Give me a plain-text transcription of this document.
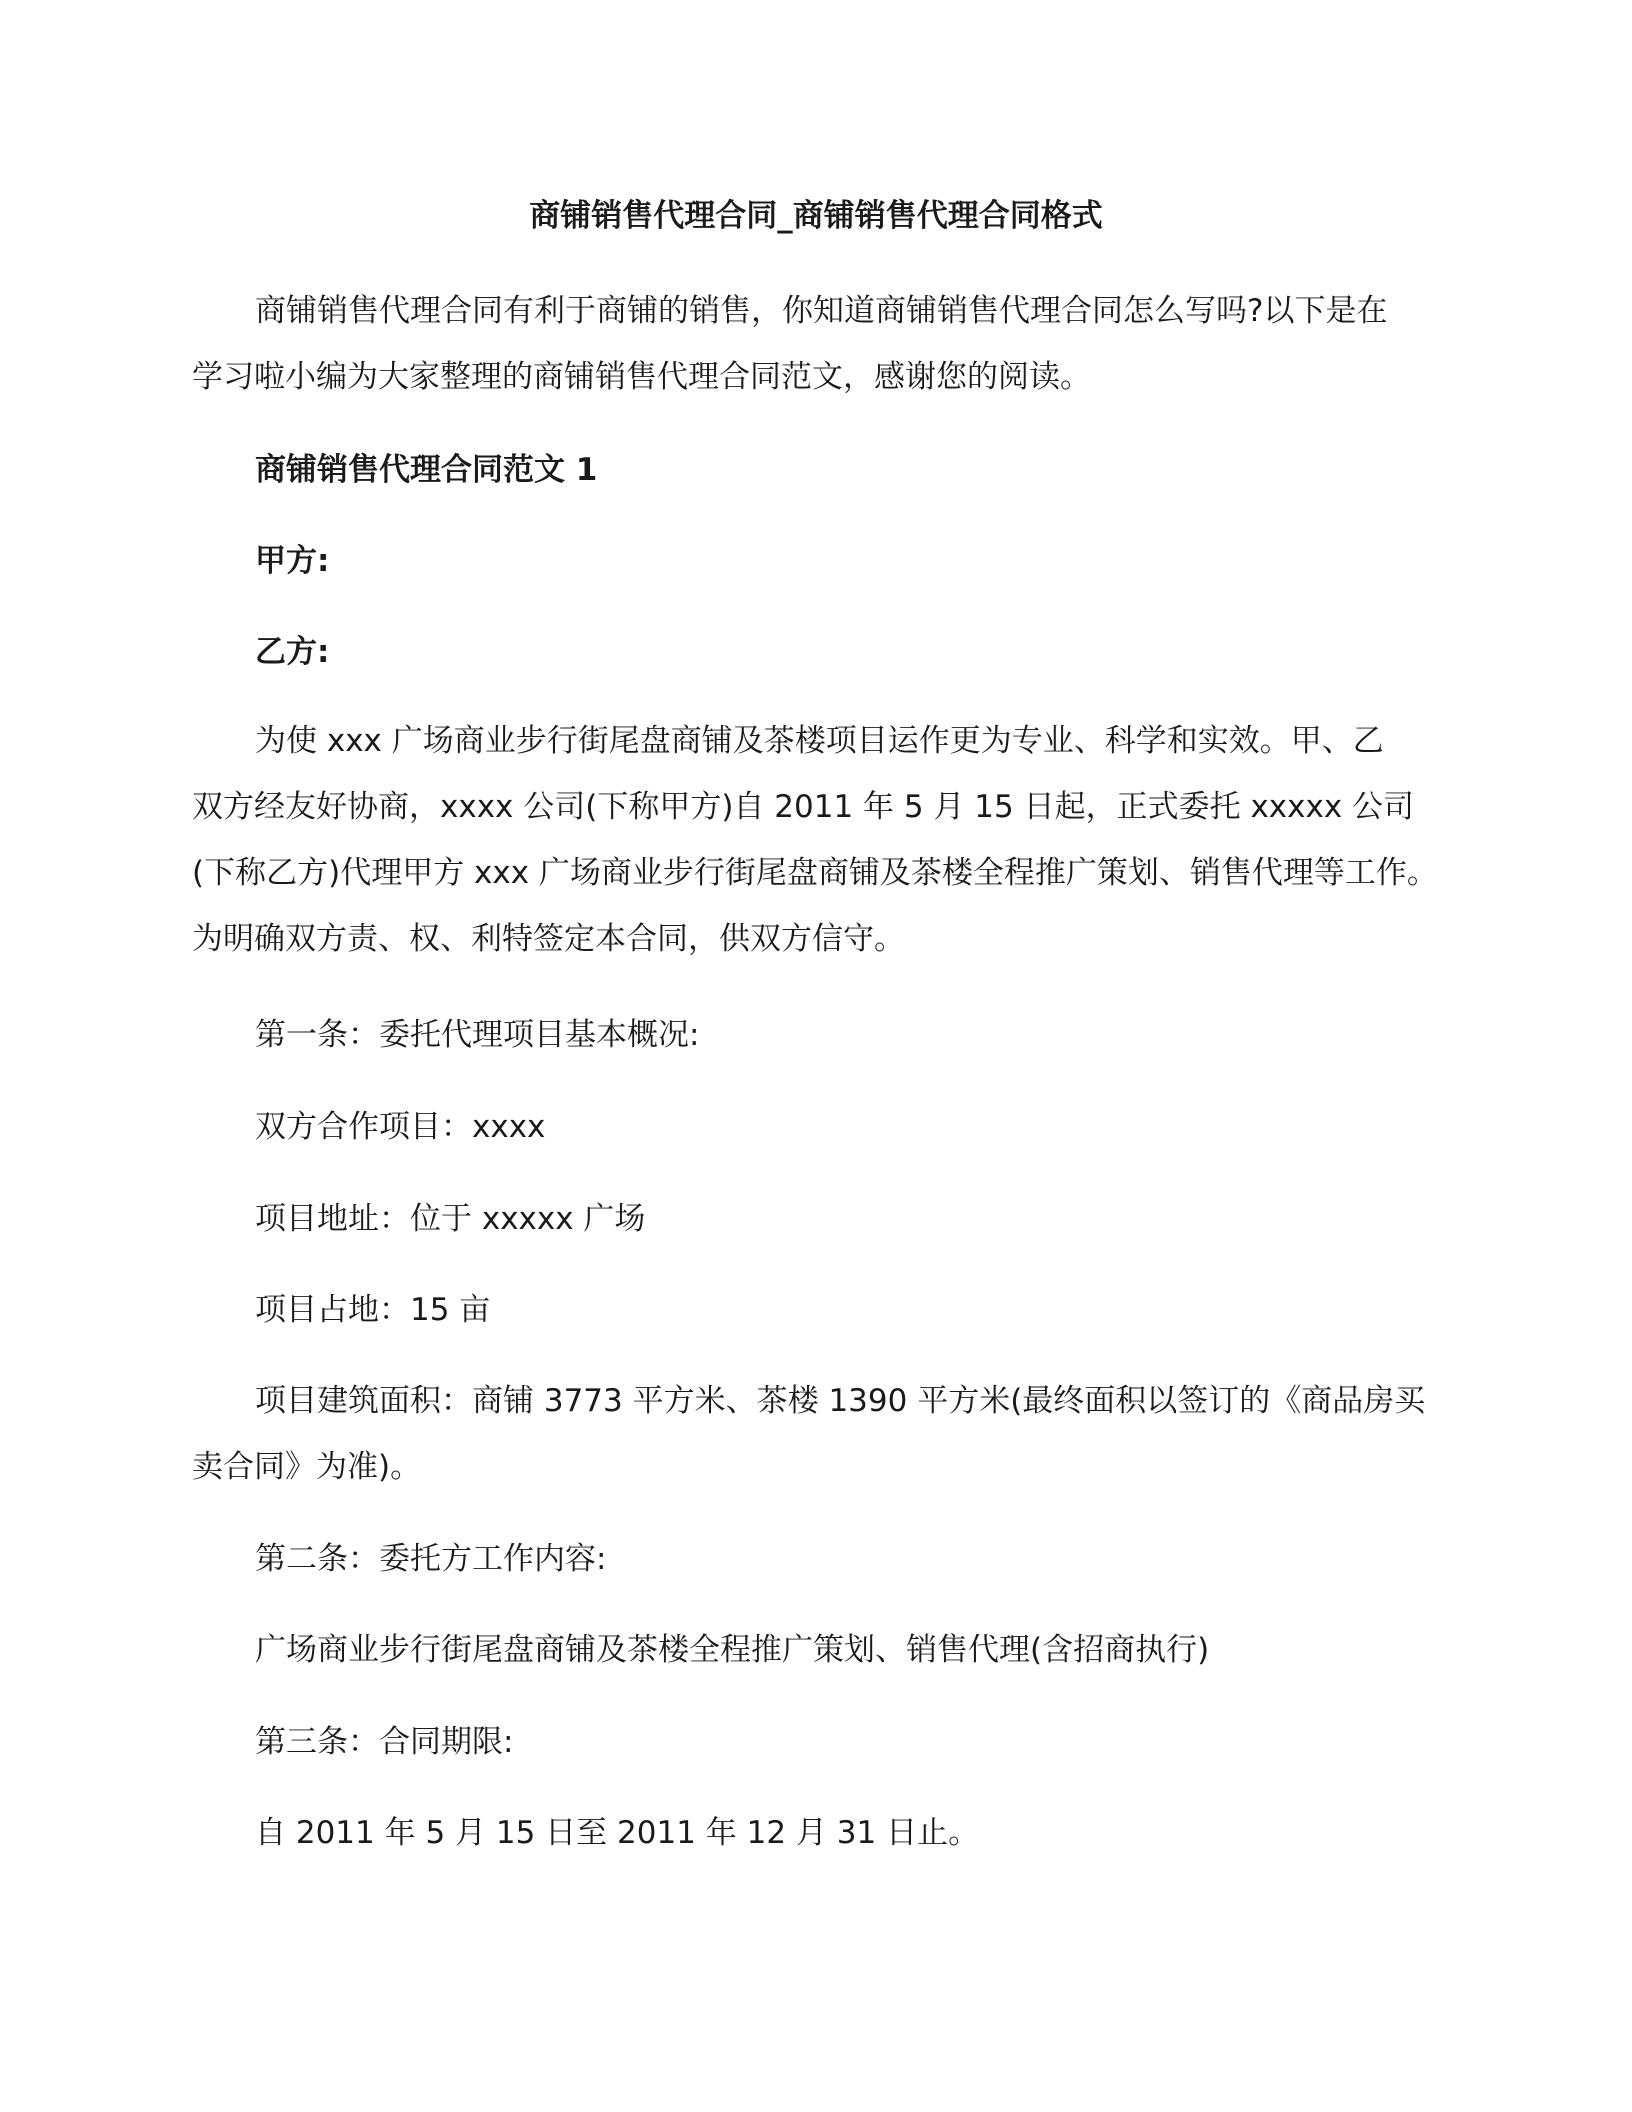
商铺销售代理合同_商铺销售代理合同格式
商铺销售代理合同有利于商铺的销售，你知道商铺销售代理合同怎么写吗?以下是在
学习啦小编为大家整理的商铺销售代理合同范文，感谢您的阅读。
商铺销售代理合同范文 1
甲方:
乙方:
为使 xxx 广场商业步行街尾盘商铺及茶楼项目运作更为专业、科学和实效。甲、乙
双方经友好协商，xxxx 公司(下称甲方)自 2011 年 5 月 15 日起，正式委托 xxxxx 公司
(下称乙方)代理甲方 xxx 广场商业步行街尾盘商铺及茶楼全程推广策划、销售代理等工作。
为明确双方责、权、利特签定本合同，供双方信守。
第一条：委托代理项目基本概况:
双方合作项目：xxxx
项目地址：位于 xxxxx 广场
项目占地：15 亩
项目建筑面积：商铺 3773 平方米、茶楼 1390 平方米(最终面积以签订的《商品房买
卖合同》为准)。
第二条：委托方工作内容:
广场商业步行街尾盘商铺及茶楼全程推广策划、销售代理(含招商执行)
第三条：合同期限:
自 2011 年 5 月 15 日至 2011 年 12 月 31 日止。
